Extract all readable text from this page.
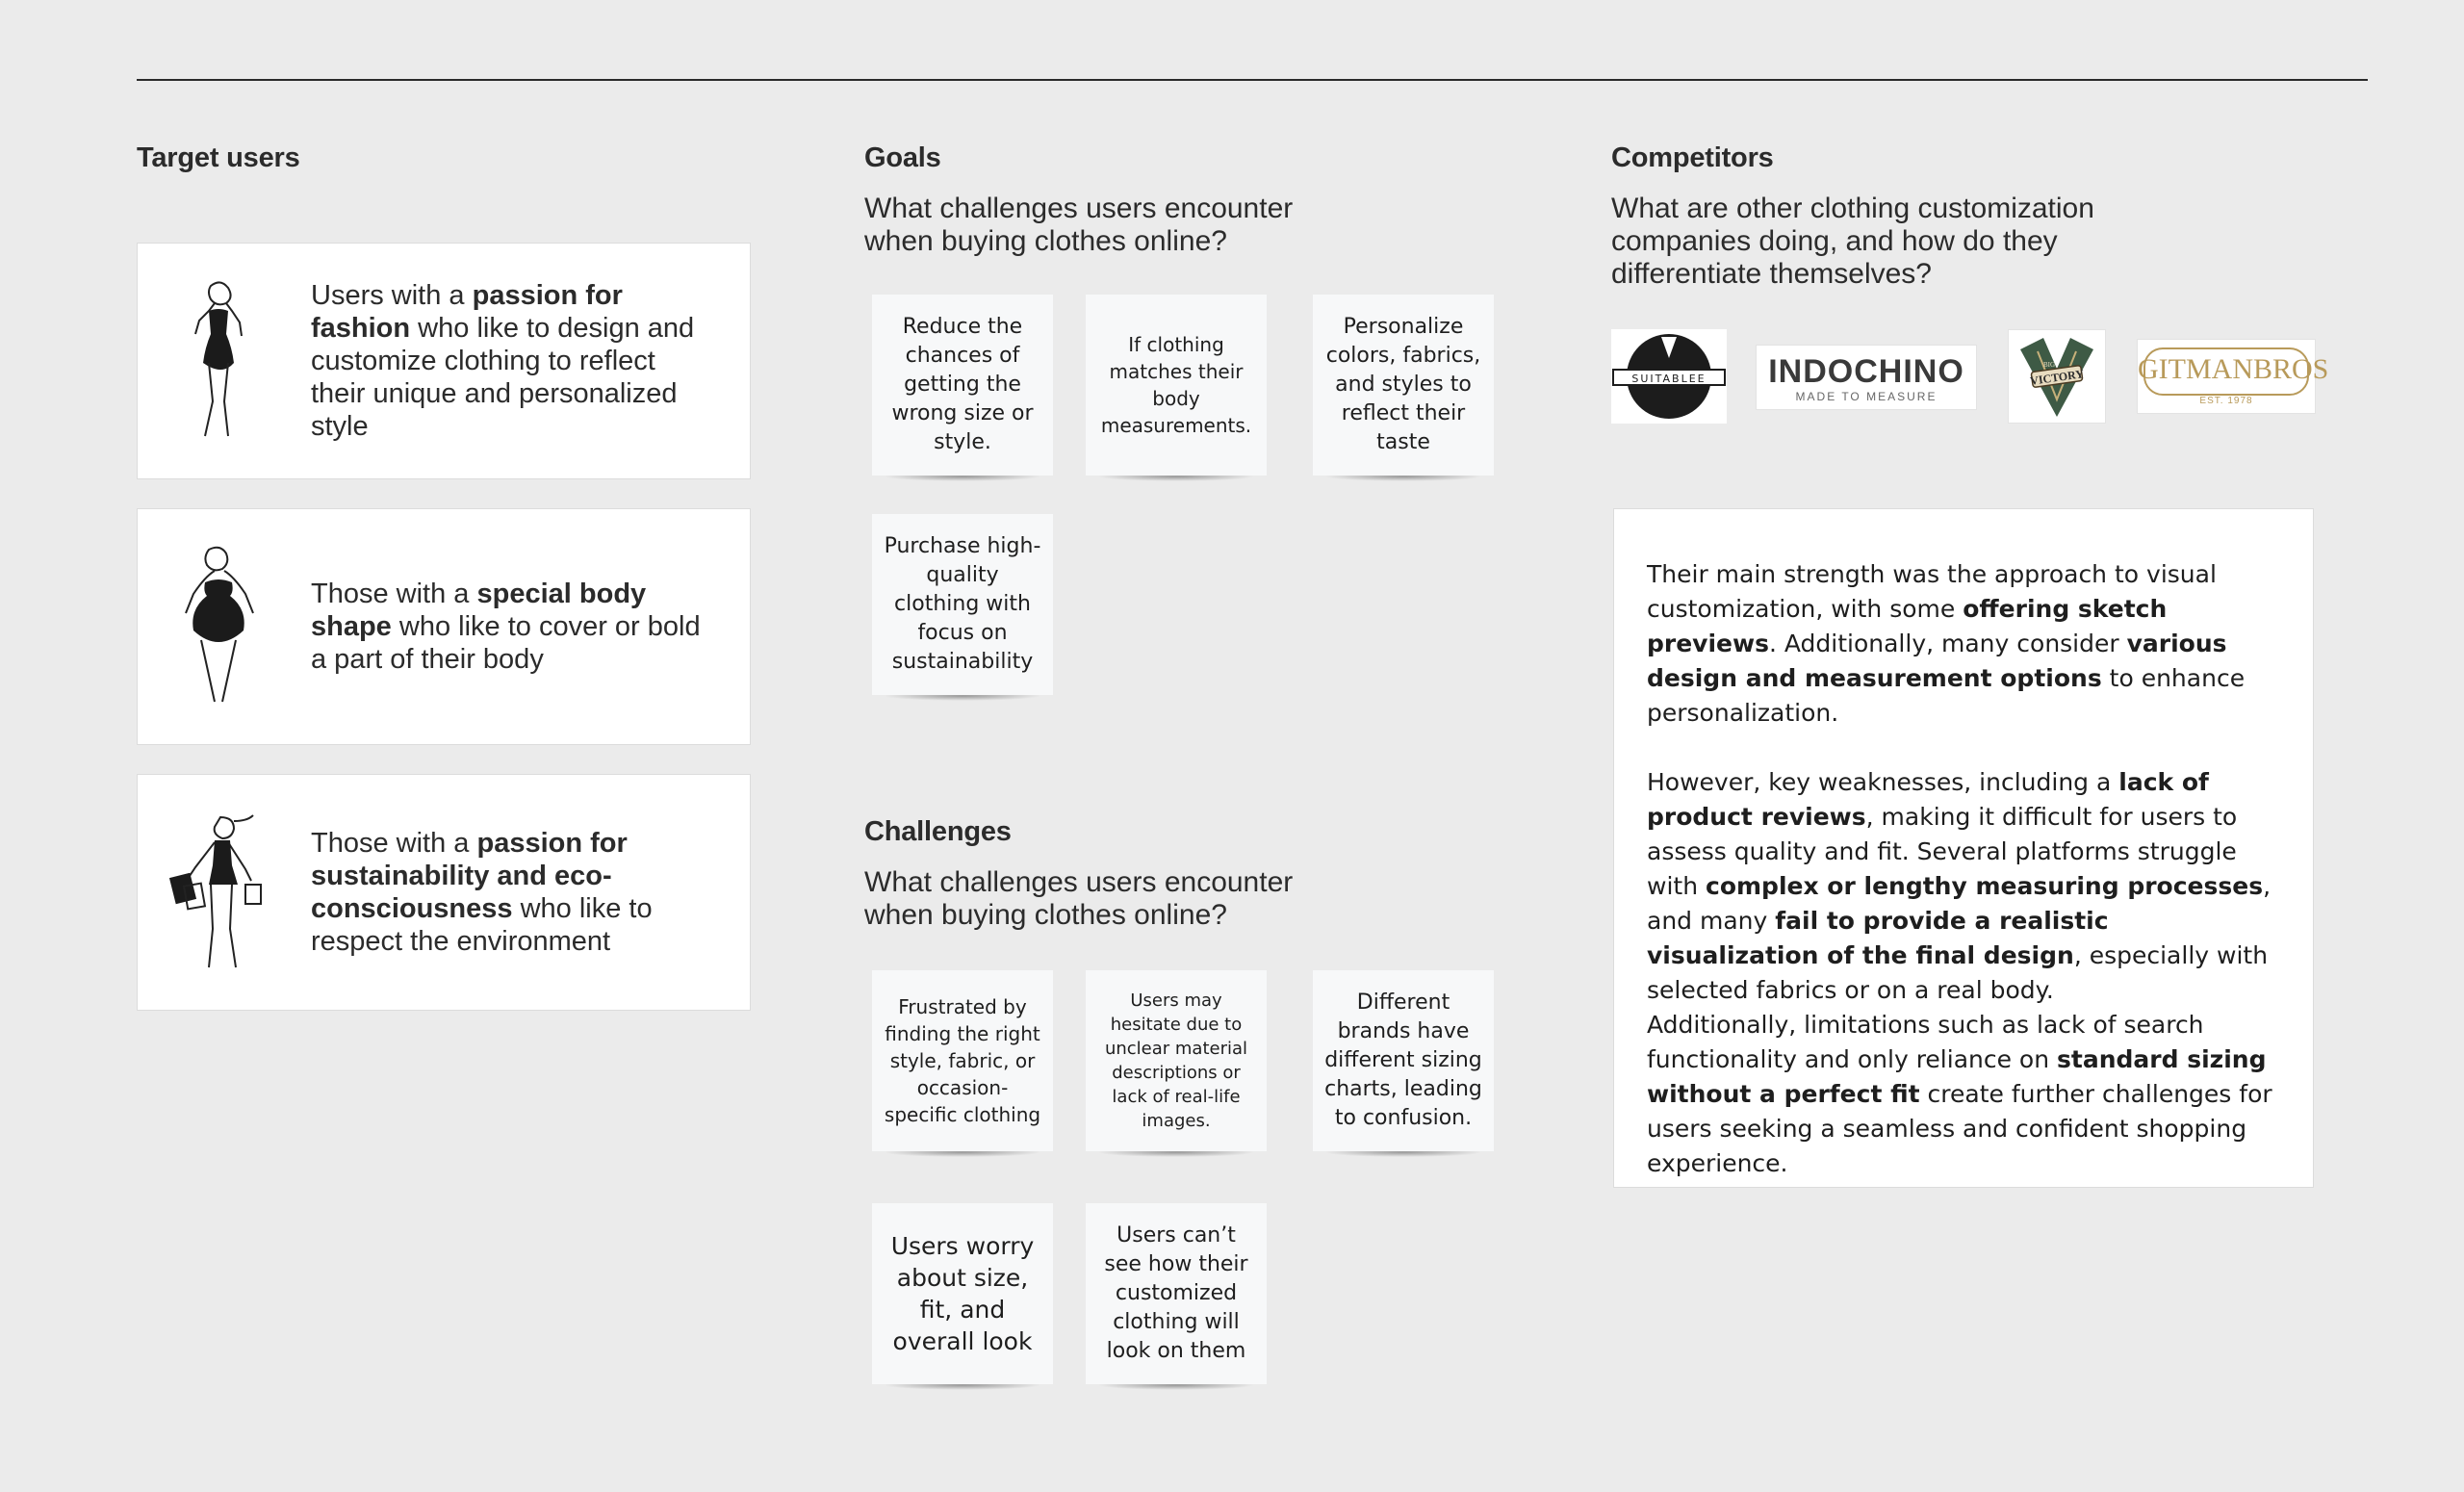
Target users
Users with a passion for fashion who like to design and customize clothing to reflect their unique and personalized style
Those with a special body shape who like to cover or bold a part of their body
Those with a passion for sustainability and eco-consciousness who like to respect the environment
Goals
What challenges users encounter when buying clothes online?
Reduce the chances of getting the wrong size or style.
If clothing matches their body measurements.
Personalize colors, fabrics, and styles to reflect their taste
Purchase high-quality clothing with focus on sustainability
Challenges
What challenges users encounter when buying clothes online?
Frustrated by finding the right style, fabric, or occasion-specific clothing
Users may hesitate due to unclear material descriptions or lack of real-life images.
Different brands have different sizing charts, leading to confusion.
Users worry about size, fit, and overall look
Users can’t see how their customized clothing will look on them
Competitors
What are other clothing customization companies doing, and how do they differentiate themselves?
SUITABLEE	INDOCHINO
MADE TO MEASURE
VICTORY
BIG	GITMANBROS
EST. 1978

Their main strength was the approach to visual customization, with some offering sketch previews. Additionally, many consider various design and measurement options to enhance personalization.

However, key weaknesses, including a lack of product reviews, making it difficult for users to assess quality and fit. Several platforms struggle with complex or lengthy measuring processes,

and many fail to provide a realistic visualization of the final design, especially with selected fabrics or on a real body.

Additionally, limitations such as lack of search functionality and only reliance on standard sizing without a perfect fit create further challenges for users seeking a seamless and confident shopping experience.
